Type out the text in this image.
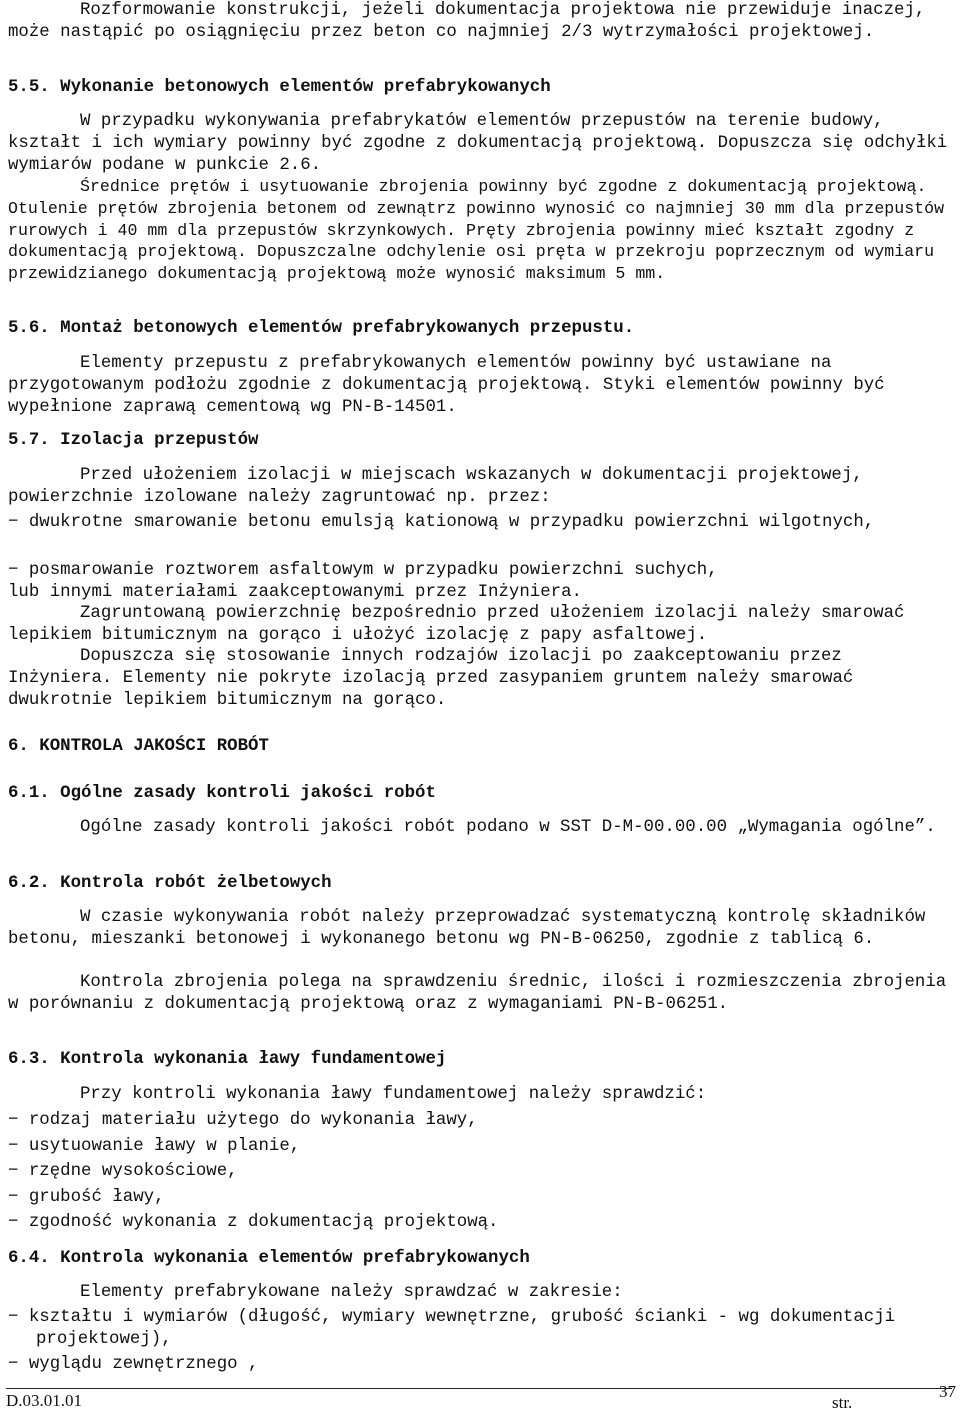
Rozformowanie konstrukcji, jeżeli dokumentacja projektowa nie przewiduje inaczej, może nastąpić po osiągnięciu przez beton co najmniej 2/3 wytrzymałości projektowej.

5.5. Wykonanie betonowych elementów prefabrykowanych

W przypadku wykonywania prefabrykatów elementów przepustów na terenie budowy, kształt i ich wymiary powinny być zgodne z dokumentacją projektową. Dopuszcza się odchyłki wymiarów podane w punkcie 2.6.

Średnice prętów i usytuowanie zbrojenia powinny być zgodne z dokumentacją projektową. Otulenie prętów zbrojenia betonem od zewnątrz powinno wynosić co najmniej 30 mm dla przepustów rurowych i 40 mm dla przepustów skrzynkowych. Pręty zbrojenia powinny mieć kształt zgodny z dokumentacją projektową. Dopuszczalne odchylenie osi pręta w przekroju poprzecznym od wymiaru przewidzianego dokumentacją projektową może wynosić maksimum 5 mm.

5.6. Montaż betonowych elementów prefabrykowanych przepustu.

Elementy przepustu z prefabrykowanych elementów powinny być ustawiane na przygotowanym podłożu zgodnie z dokumentacją projektową. Styki elementów powinny być wypełnione zaprawą cementową wg PN-B-14501.

5.7. Izolacja przepustów

Przed ułożeniem izolacji w miejscach wskazanych w dokumentacji projektowej, powierzchnie izolowane należy zagruntować np. przez:

− dwukrotne smarowanie betonu emulsją kationową w przypadku powierzchni wilgotnych,

− posmarowanie roztworem asfaltowym w przypadku powierzchni suchych,

lub innymi materiałami zaakceptowanymi przez Inżyniera.

Zagruntowaną powierzchnię bezpośrednio przed ułożeniem izolacji należy smarować lepikiem bitumicznym na gorąco i ułożyć izolację z papy asfaltowej.

Dopuszcza się stosowanie innych rodzajów izolacji po zaakceptowaniu przez Inżyniera. Elementy nie pokryte izolacją przed zasypaniem gruntem należy smarować dwukrotnie lepikiem bitumicznym na gorąco.

6. KONTROLA JAKOŚCI ROBÓT

6.1. Ogólne zasady kontroli jakości robót

Ogólne zasady kontroli jakości robót podano w SST D-M-00.00.00 „Wymagania ogólne”.

6.2. Kontrola robót żelbetowych

W czasie wykonywania robót należy przeprowadzać systematyczną kontrolę składników betonu, mieszanki betonowej i wykonanego betonu wg PN-B-06250, zgodnie z tablicą 6.

Kontrola zbrojenia polega na sprawdzeniu średnic, ilości i rozmieszczenia zbrojenia w porównaniu z dokumentacją projektową oraz z wymaganiami PN-B-06251.

6.3. Kontrola wykonania ławy fundamentowej

Przy kontroli wykonania ławy fundamentowej należy sprawdzić:

− rodzaj materiału użytego do wykonania ławy,

− usytuowanie ławy w planie,

− rzędne wysokościowe,

− grubość ławy,

− zgodność wykonania z dokumentacją projektową.

6.4. Kontrola wykonania elementów prefabrykowanych

Elementy prefabrykowane należy sprawdzać w zakresie:

− kształtu i wymiarów (długość, wymiary wewnętrzne, grubość ścianki - wg dokumentacji projektowej),

− wyglądu zewnętrznego ,

D.03.01.01	str.
37
